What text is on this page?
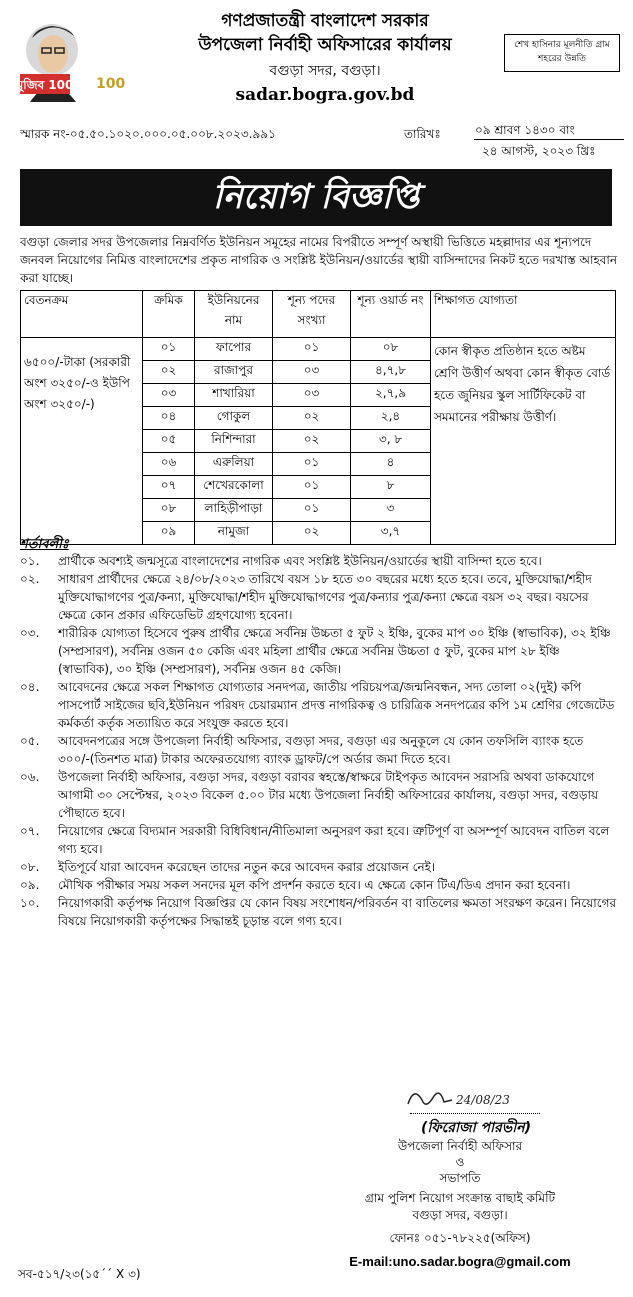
মুজিব 100 100
গণপ্রজাতন্ত্রী বাংলাদেশ সরকার
উপজেলা নির্বাহী অফিসারের কার্যালয়
বগুড়া সদর, বগুড়া।
sadar.bogra.gov.bd
শেখ হাসিনার মূলনীতি গ্রাম শহরের উন্নতি
স্মারক নং-০৫.৫০.১০২০.০০০.০৫.০০৮.২০২৩.৯৯১	তারিখঃ	০৯ শ্রাবণ ১৪৩০ বাং
২৪ আগস্ট, ২০২৩ খ্রিঃ
নিয়োগ বিজ্ঞপ্তি
বগুড়া জেলার সদর উপজেলার নিম্নবর্ণিত ইউনিয়ন সমূহের নামের বিপরীতে সম্পূর্ণ অস্থায়ী ভিত্তিতে মহল্লাদার এর শূন্যপদে জনবল নিয়োগের নিমিত্ত বাংলাদেশের প্রকৃত নাগরিক ও সংশ্লিষ্ট ইউনিয়ন/ওয়ার্ডের স্থায়ী বাসিন্দাদের নিকট হতে দরখাস্ত আহবান করা যাচ্ছে।
বেতনক্রম	ক্রমিক	ইউনিয়নের নাম	শূন্য পদের সংখ্যা	শূন্য ওয়ার্ড নং	শিক্ষাগত যোগ্যতা
৬৫০০/-টাকা (সরকারী অংশ ৩২৫০/-ও ইউপি অংশ ৩২৫০/-)	০১	ফাপোর	০১	০৮	কোন স্বীকৃত প্রতিষ্ঠান হতে অষ্টম শ্রেণি উত্তীর্ণ অথবা কোন স্বীকৃত বোর্ড হতে জুনিয়র স্কুল সার্টিফিকেট বা সমমানের পরীক্ষায় উত্তীর্ণ।
	০২	রাজাপুর	০৩	৪,৭,৮	
	০৩	শাখারিয়া	০৩	২,৭,৯	
	০৪	গোকুল	০২	২,৪	
	০৫	নিশিন্দারা	০২	৩, ৮	
	০৬	এরুলিয়া	০১	৪	
	০৭	শেখেরকোলা	০১	৮	
	০৮	লাহিড়ীপাড়া	০১	৩	
	০৯	নামুজা	০২	৩,৭	
শর্তাবলীঃ
০১.	প্রার্থীকে অবশ্যই জন্মসূত্রে বাংলাদেশের নাগরিক এবং সংশ্লিষ্ট ইউনিয়ন/ওয়ার্ডের স্থায়ী বাসিন্দা হতে হবে।
০২.	সাধারণ প্রার্থীদের ক্ষেত্রে ২৪/০৮/২০২৩ তারিখে বয়স ১৮ হতে ৩০ বছরের মধ্যে হতে হবে। তবে, মুক্তিযোদ্ধা/শহীদ মুক্তিযোদ্ধাগণের পুত্র/কন্যা, মুক্তিযোদ্ধা/শহীদ মুক্তিযোদ্ধাগণের পুত্র/কন্যার পুত্র/কন্যা ক্ষেত্রে বয়স ৩২ বছর। বয়সের ক্ষেত্রে কোন প্রকার এফিডেভিট গ্রহণযোগ্য হবেনা।
০৩.	শারীরিক যোগ্যতা হিসেবে পুরুষ প্রার্থীর ক্ষেত্রে সর্বনিম্ন উচ্চতা ৫ ফুট ২ ইঞ্চি, বুকের মাপ ৩০ ইঞ্চি (স্বাভাবিক), ৩২ ইঞ্চি (সম্প্রসারণ), সর্বনিম্ন ওজন ৫০ কেজি এবং মহিলা প্রার্থীর ক্ষেত্রে সর্বনিম্ন উচ্চতা ৫ ফুট, বুকের মাপ ২৮ ইঞ্চি (স্বাভাবিক), ৩০ ইঞ্চি (সম্প্রসারণ), সর্বনিম্ন ওজন ৪৫ কেজি।
০৪.	আবেদনের ক্ষেত্রে সকল শিক্ষাগত যোগ্যতার সনদপত্র, জাতীয় পরিচয়পত্র/জন্মনিবন্ধন, সদ্য তোলা ০২(দুই) কপি পাসপোর্ট সাইজের ছবি,ইউনিয়ন পরিষদ চেয়ারম্যান প্রদত্ত নাগরিকত্ব ও চারিত্রিক সনদপত্রের কপি ১ম শ্রেণির গেজেটেড কর্মকর্তা কর্তৃক সত্যায়িত করে সংযুক্ত করতে হবে।
০৫.	আবেদনপত্রের সঙ্গে উপজেলা নির্বাহী অফিসার, বগুড়া সদর, বগুড়া এর অনুকূলে যে কোন তফসিলি ব্যাংক হতে ৩০০/-(তিনশত মাত্র) টাকার অফেরতযোগ্য ব্যাংক ড্রাফট/পে অর্ডার জমা দিতে হবে।
০৬.	উপজেলা নির্বাহী অফিসার, বগুড়া সদর, বগুড়া বরাবর স্বহস্তে/স্বাক্ষরে টাইপকৃত আবেদন সরাসরি অথবা ডাকযোগে আগামী ৩০ সেপ্টেম্বর, ২০২৩ বিকেল ৫.০০ টার মধ্যে উপজেলা নির্বাহী অফিসারের কার্যালয়, বগুড়া সদর, বগুড়ায় পৌছাতে হবে।
০৭.	নিয়োগের ক্ষেত্রে বিদ্যমান সরকারী বিধিবিধান/নীতিমালা অনুসরণ করা হবে। ত্রুটিপূর্ণ বা অসম্পূর্ণ আবেদন বাতিল বলে গণ্য হবে।
০৮.	ইতিপূর্বে যারা আবেদন করেছেন তাদের নতুন করে আবেদন করার প্রয়োজন নেই।
০৯.	মৌখিক পরীক্ষার সময় সকল সনদের মূল কপি প্রদর্শন করতে হবে। এ ক্ষেত্রে কোন টিএ/ডিএ প্রদান করা হবেনা।
১০.	নিয়োগকারী কর্তৃপক্ষ নিয়োগ বিজ্ঞপ্তির যে কোন বিষয় সংশোধন/পরিবর্তন বা বাতিলের ক্ষমতা সংরক্ষণ করেন। নিয়োগের বিষয়ে নিয়োগকারী কর্তৃপক্ষের সিদ্ধান্তই চূড়ান্ত বলে গণ্য হবে।
24/08/23
(ফিরোজা পারভীন)
উপজেলা নির্বাহী অফিসার
ও
সভাপতি
গ্রাম পুলিশ নিয়োগ সংক্রান্ত বাছাই কমিটি
বগুড়া সদর, বগুড়া।
ফোনঃ ০৫১-৭৮২২৫(অফিস)
E-mail:uno.sadar.bogra@gmail.com
সব-৫১৭/২৩(১৫´´ X ৩)
